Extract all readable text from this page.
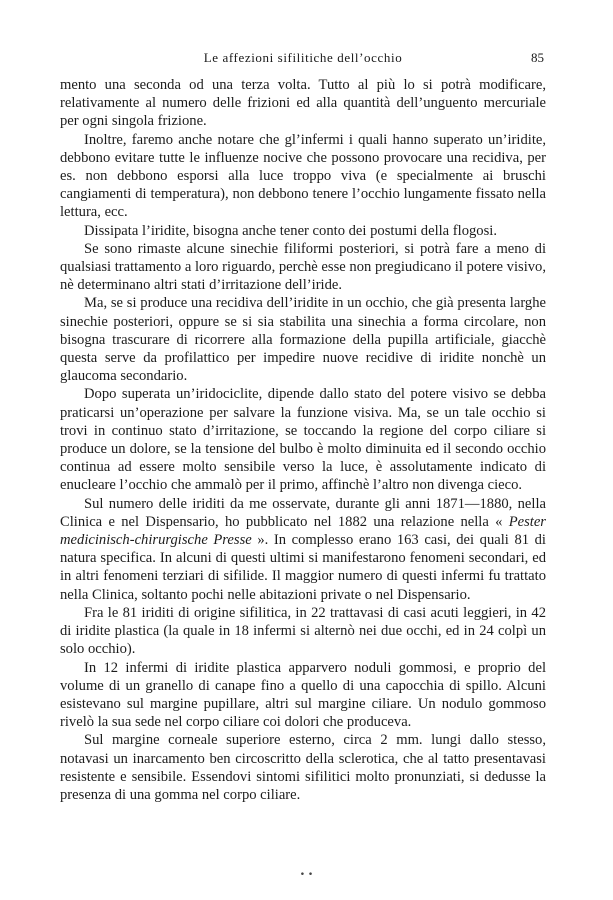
Le affezioni sifilitiche dell’occhio	85

mento una seconda od una terza volta. Tutto al più lo si potrà modificare, relativamente al numero delle frizioni ed alla quantità dell’unguento mercuriale per ogni singola frizione.

Inoltre, faremo anche notare che gl’infermi i quali hanno superato un’iridite, debbono evitare tutte le influenze nocive che possono provocare una recidiva, per es. non debbono esporsi alla luce troppo viva (e specialmente ai bruschi cangiamenti di temperatura), non debbono tenere l’occhio lungamente fissato nella lettura, ecc.

Dissipata l’iridite, bisogna anche tener conto dei postumi della flogosi.

Se sono rimaste alcune sinechie filiformi posteriori, si potrà fare a meno di qualsiasi trattamento a loro riguardo, perchè esse non pregiudicano il potere visivo, nè determinano altri stati d’irritazione dell’iride.

Ma, se si produce una recidiva dell’iridite in un occhio, che già presenta larghe sinechie posteriori, oppure se si sia stabilita una sinechia a forma circolare, non bisogna trascurare di ricorrere alla formazione della pupilla artificiale, giacchè questa serve da profilattico per impedire nuove recidive di iridite nonchè un glaucoma secondario.

Dopo superata un’iridociclite, dipende dallo stato del potere visivo se debba praticarsi un’operazione per salvare la funzione visiva. Ma, se un tale occhio si trovi in continuo stato d’irritazione, se toccando la regione del corpo ciliare si produce un dolore, se la tensione del bulbo è molto diminuita ed il secondo occhio continua ad essere molto sensibile verso la luce, è assolutamente indicato di enucleare l’occhio che ammalò per il primo, affinchè l’altro non divenga cieco.

Sul numero delle iriditi da me osservate, durante gli anni 1871—1880, nella Clinica e nel Dispensario, ho pubblicato nel 1882 una relazione nella « Pester medicinisch-chirurgische Presse ». In complesso erano 163 casi, dei quali 81 di natura specifica. In alcuni di questi ultimi si manifestarono fenomeni secondari, ed in altri fenomeni terziari di sifilide. Il maggior numero di questi infermi fu trattato nella Clinica, soltanto pochi nelle abitazioni private o nel Dispensario.

Fra le 81 iriditi di origine sifilitica, in 22 trattavasi di casi acuti leggieri, in 42 di iridite plastica (la quale in 18 infermi si alternò nei due occhi, ed in 24 colpì un solo occhio).

In 12 infermi di iridite plastica apparvero noduli gommosi, e proprio del volume di un granello di canape fino a quello di una capocchia di spillo. Alcuni esistevano sul margine pupillare, altri sul margine ciliare. Un nodulo gommoso rivelò la sua sede nel corpo ciliare coi dolori che produceva.

Sul margine corneale superiore esterno, circa 2 mm. lungi dallo stesso, notavasi un inarcamento ben circoscritto della sclerotica, che al tatto presentavasi resistente e sensibile. Essendovi sintomi sifilitici molto pronunziati, si dedusse la presenza di una gomma nel corpo ciliare.

• •
